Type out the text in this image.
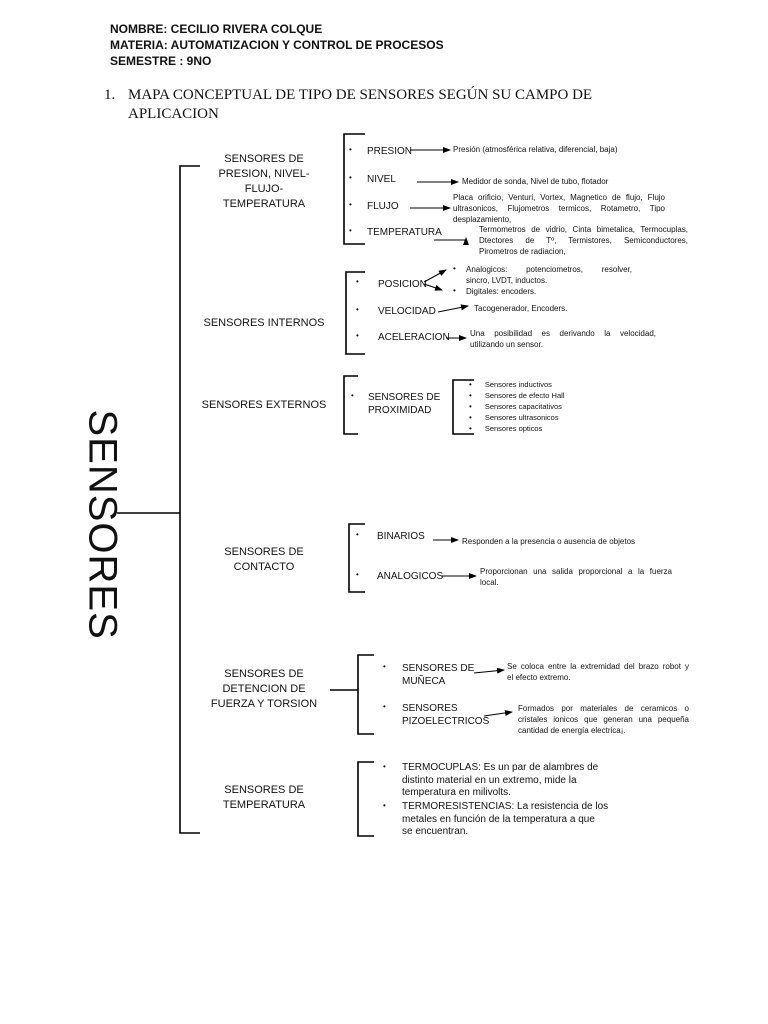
NOMBRE: CECILIO RIVERA COLQUE
MATERIA: AUTOMATIZACION Y CONTROL DE PROCESOS
SEMESTRE : 9NO
1. MAPA CONCEPTUAL DE TIPO DE SENSORES SEGÚN SU CAMPO DE
APLICACION
SENSORES
SENSORES DE
PRESION, NIVEL-
FLUJO-
TEMPERATURA
• PRESION	Presión (atmosférica relativa, diferencial, baja)
• NIVEL	Medidor de sonda, Nivel de tubo, flotador
• FLUJO
Placa orificio, Venturi, Vortex, Magnetico de flujo, Flujo
ultrasonicos, Flujometros termicos, Rotametro, Tipo
desplazamiento,
• TEMPERATURA	Termometros de vidrio, Cinta bimetalica, Termocuplas,
Dtectores de Tº, Termistores, Semiconductores,
Pirometros de radiacion,
SENSORES INTERNOS
• POSICION
• Analogicos: potenciometros, resolver,
sincro, LVDT, inductos.
• Digitales: encoders.
• VELOCIDAD	Tacogenerador, Encoders.
• ACELERACION	Una posibilidad es derivando la velocidad,
utilizando un sensor.
SENSORES EXTERNOS
• SENSORES DE
PROXIMIDAD
• Sensores inductivos
• Sensores de efecto Hall
• Sensores capacitativos
• Sensores ultrasonicos
• Sensores opticos
SENSORES DE
CONTACTO
• BINARIOS	Responden a la presencia o ausencia de objetos
• ANALOGICOS	Proporcionan una salida proporcional a la fuerza
local.
SENSORES DE
DETENCION DE
FUERZA Y TORSION
• SENSORES DE
MUÑECA
Se coloca entre la extremidad del brazo robot y
el efecto extremo.
• SENSORES
PIZOELECTRICOS
Formados por materiales de ceramicos o
cristales ionicos que generan una pequeña
cantidad de energía electrica¡.
SENSORES DE
TEMPERATURA
• TERMOCUPLAS: Es un par de alambres de
distinto material en un extremo, mide la
temperatura en milivolts.
• TERMORESISTENCIAS: La resistencia de los
metales en función de la temperatura a que
se encuentran.
